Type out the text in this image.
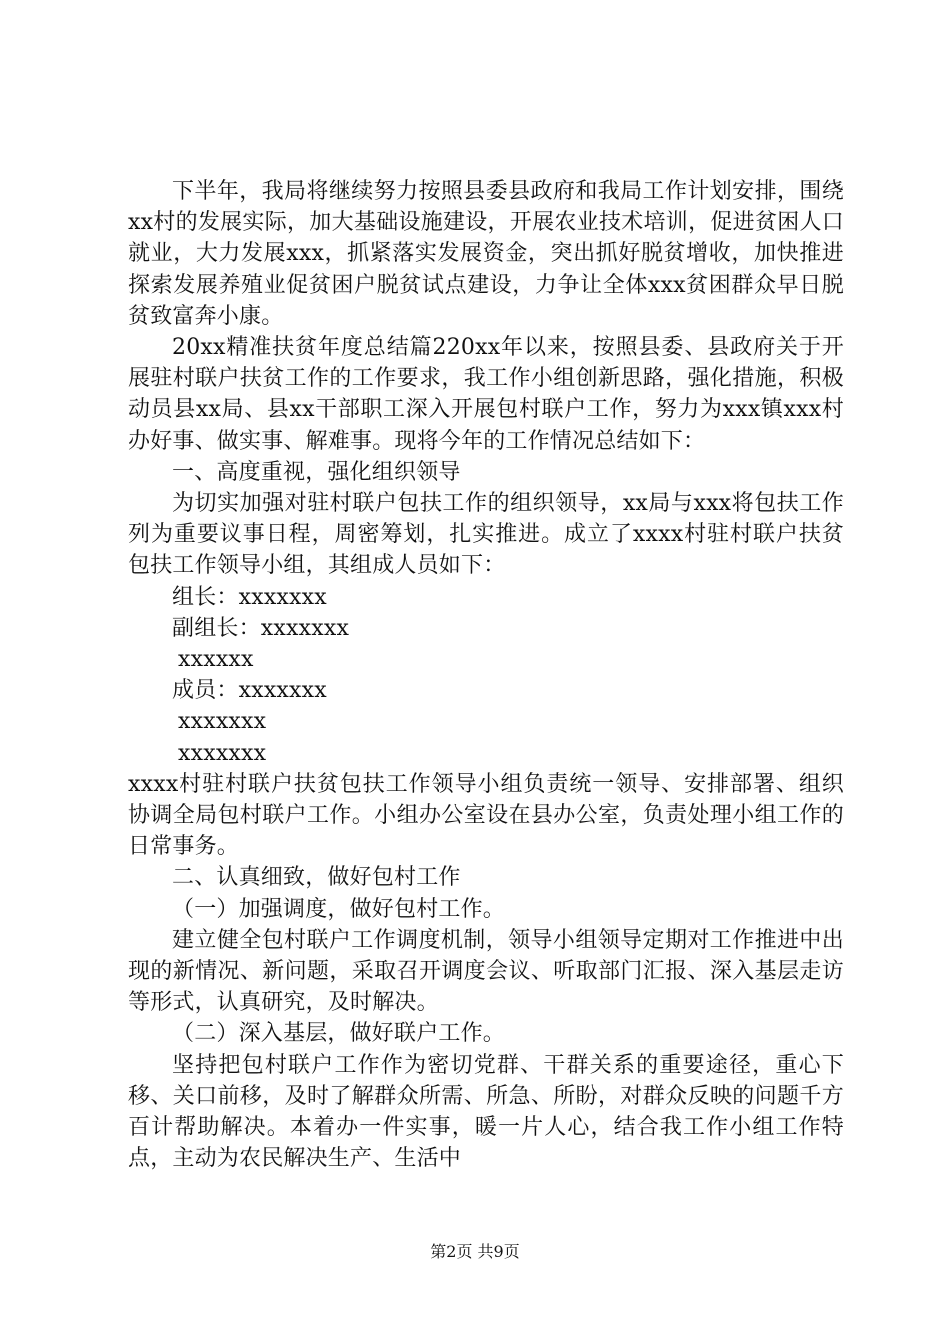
下半年，我局将继续努力按照县委县政府和我局工作计划安排，围绕xx村的发展实际，加大基础设施建设，开展农业技术培训，促进贫困人口就业，大力发展xxx，抓紧落实发展资金，突出抓好脱贫增收，加快推进探索发展养殖业促贫困户脱贫试点建设，力争让全体xxx贫困群众早日脱贫致富奔小康。

20xx精准扶贫年度总结篇220xx年以来，按照县委、县政府关于开展驻村联户扶贫工作的工作要求，我工作小组创新思路，强化措施，积极动员县xx局、县xx干部职工深入开展包村联户工作，努力为xxx镇xxx村办好事、做实事、解难事。现将今年的工作情况总结如下：

一、高度重视，强化组织领导

为切实加强对驻村联户包扶工作的组织领导，xx局与xxx将包扶工作列为重要议事日程，周密筹划，扎实推进。成立了xxxx村驻村联户扶贫包扶工作领导小组，其组成人员如下：

组长：xxxxxxx

副组长：xxxxxxx

xxxxxx

成员：xxxxxxx

xxxxxxx

xxxxxxx

xxxx村驻村联户扶贫包扶工作领导小组负责统一领导、安排部署、组织协调全局包村联户工作。小组办公室设在县办公室，负责处理小组工作的日常事务。

二、认真细致，做好包村工作

（一）加强调度，做好包村工作。

建立健全包村联户工作调度机制，领导小组领导定期对工作推进中出现的新情况、新问题，采取召开调度会议、听取部门汇报、深入基层走访等形式，认真研究，及时解决。

（二）深入基层，做好联户工作。

坚持把包村联户工作作为密切党群、干群关系的重要途径，重心下移、关口前移，及时了解群众所需、所急、所盼，对群众反映的问题千方百计帮助解决。本着办一件实事，暖一片人心，结合我工作小组工作特点，主动为农民解决生产、生活中

第2页 共9页
